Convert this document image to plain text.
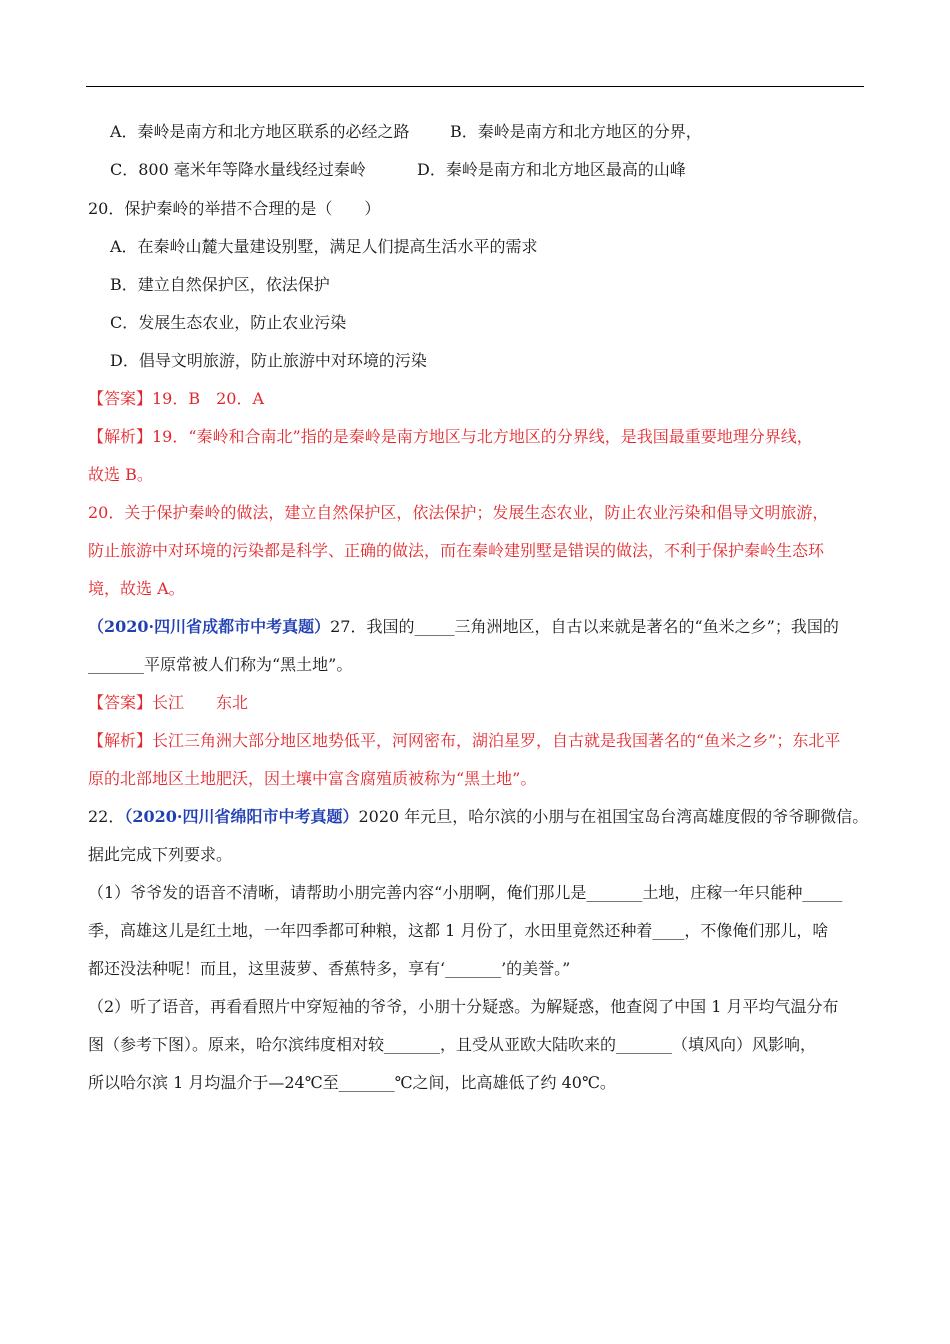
A．秦岭是南方和北方地区联系的必经之路	B．秦岭是南方和北方地区的分界，
C．800 毫米年等降水量线经过秦岭	D．秦岭是南方和北方地区最高的山峰
20．保护秦岭的举措不合理的是（　　）
A．在秦岭山麓大量建设别墅，满足人们提高生活水平的需求
B．建立自然保护区，依法保护
C．发展生态农业，防止农业污染
D．倡导文明旅游，防止旅游中对环境的污染
【答案】19．B　20．A
【解析】19．“秦岭和合南北”指的是秦岭是南方地区与北方地区的分界线，是我国最重要地理分界线，
故选 B。
20．关于保护秦岭的做法，建立自然保护区，依法保护；发展生态农业，防止农业污染和倡导文明旅游，
防止旅游中对环境的污染都是科学、正确的做法，而在秦岭建别墅是错误的做法，不利于保护秦岭生态环
境，故选 A。
（2020·四川省成都市中考真题）27．我国的_____三角洲地区，自古以来就是著名的“鱼米之乡”；我国的
_______平原常被人们称为“黑土地”。
【答案】长江　　东北
【解析】长江三角洲大部分地区地势低平，河网密布，湖泊星罗，自古就是我国著名的“鱼米之乡”；东北平
原的北部地区土地肥沃，因土壤中富含腐殖质被称为“黑土地”。
22．（2020·四川省绵阳市中考真题）2020 年元旦，哈尔滨的小朋与在祖国宝岛台湾高雄度假的爷爷聊微信。
据此完成下列要求。
（1）爷爷发的语音不清晰，请帮助小朋完善内容“小朋啊，俺们那儿是_______土地，庄稼一年只能种_____
季，高雄这儿是红土地，一年四季都可种粮，这都 1 月份了，水田里竟然还种着____，不像俺们那儿，啥
都还没法种呢！而且，这里菠萝、香蕉特多，享有‘_______’的美誉。”
（2）听了语音，再看看照片中穿短袖的爷爷，小朋十分疑惑。为解疑惑，他查阅了中国 1 月平均气温分布
图（参考下图）。原来，哈尔滨纬度相对较_______，且受从亚欧大陆吹来的_______（填风向）风影响，
所以哈尔滨 1 月均温介于—24℃至_______℃之间，比高雄低了约 40℃。
